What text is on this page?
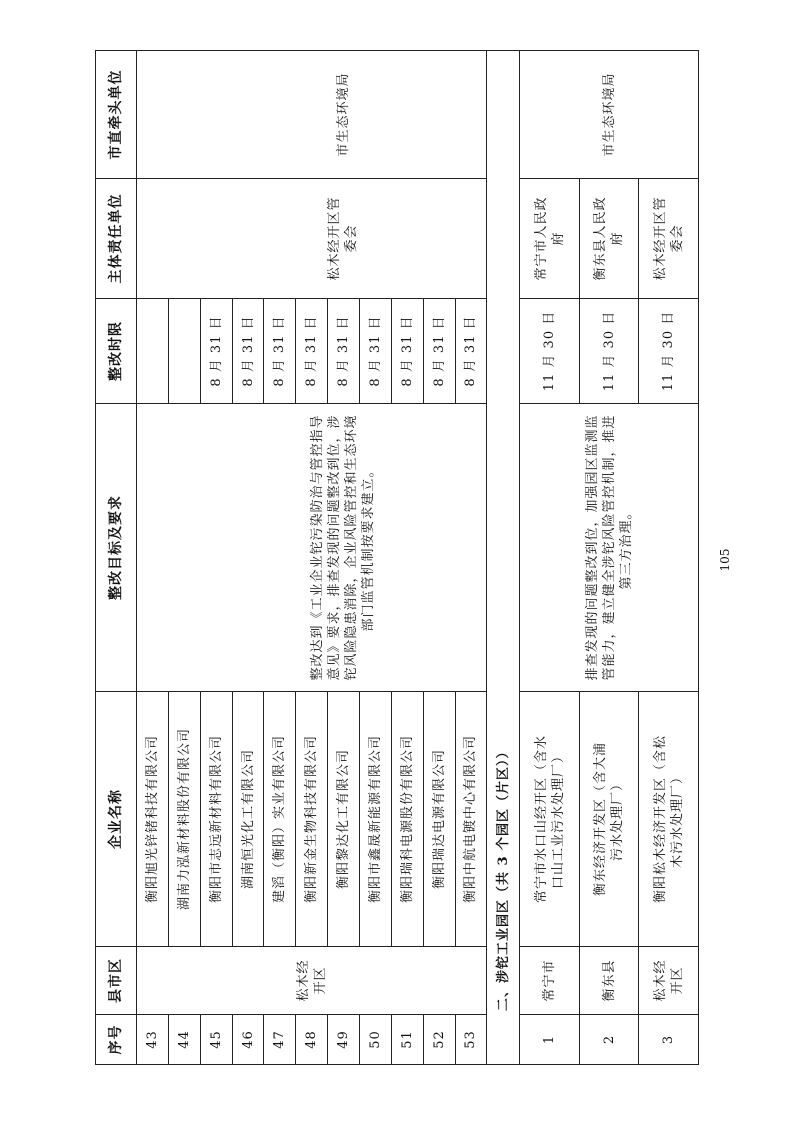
序号	县市区	企业名称	整改目标及要求	整改时限	主体责任单位	市直牵头单位
43	松木经开区	衡阳旭光锌锗科技有限公司				
44		湖南力泓新材料股份有限公司				
45		衡阳市志远新材料有限公司	整改达到《工业企业铊污染防治与管控指导意见》要求，排查发现的问题整改到位，涉铊风险隐患消除，企业风险管控和生态环境部门监管机制按要求建立。	8 月 31 日	松木经开区管委会	市生态环境局
46		湖南恒光化工有限公司		8 月 31 日		
47		建滔（衡阳）实业有限公司		8 月 31 日		
48		衡阳新金生物科技有限公司		8 月 31 日		
49		衡阳黎达化工有限公司		8 月 31 日		
50		衡阳市鑫晟新能源有限公司		8 月 31 日		
51		衡阳瑞科电源股份有限公司		8 月 31 日		
52		衡阳瑞达电源有限公司		8 月 31 日		
53		衡阳中航电镀中心有限公司		8 月 31 日		
二、涉铊工业园区（共 3 个园区（片区））						
1	常宁市	常宁市水口山经开区（含水口山工业污水处理厂）	排查发现的问题整改到位，加强园区监测监管能力，建立健全涉铊风险管控机制，推进第三方治理。	11 月 30 日	常宁市人民政府	市生态环境局
2	衡东县	衡东经济开发区（含大浦污水处理厂）		11 月 30 日	衡东县人民政府	
3	松木经开区	衡阳松木经济开发区（含松木污水处理厂）		11 月 30 日	松木经开区管委会	
105
